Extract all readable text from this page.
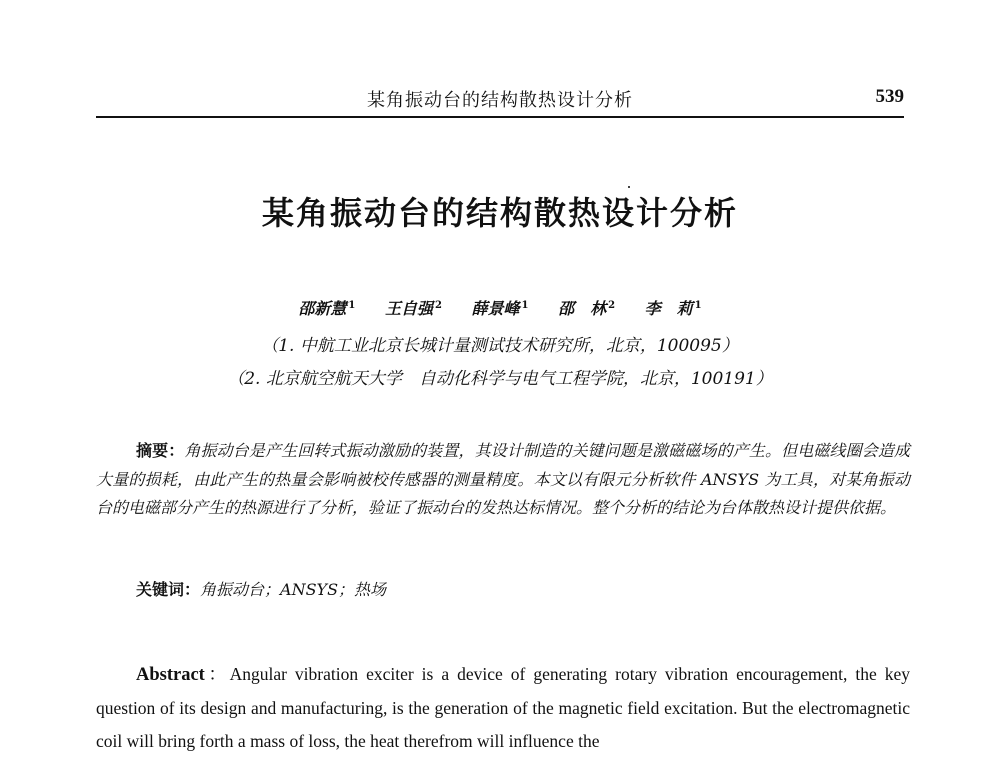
某角振动台的结构散热设计分析	539
某角振动台的结构散热设计分析
邵新慧 $^1$ 王自强 $^2$ 薛景峰 $^1$ 邵　林 $^2$ 李　莉 $^1$
（1. 中航工业北京长城计量测试技术研究所，北京，100095）
（2. 北京航空航天大学　自动化科学与电气工程学院，北京，100191）

摘要：角振动台是产生回转式振动激励的装置，其设计制造的关键问题是激磁磁场的产生。但电磁线圈会造成大量的损耗，由此产生的热量会影响被校传感器的测量精度。本文以有限元分析软件 ANSYS 为工具，对某角振动台的电磁部分产生的热源进行了分析，验证了振动台的发热达标情况。整个分析的结论为台体散热设计提供依据。

关键词：角振动台；ANSYS；热场

Abstract：Angular vibration exciter is a device of generating rotary vibration encouragement, the key question of its design and manufacturing, is the generation of the magnetic field excitation. But the electromagnetic coil will bring forth a mass of loss, the heat therefrom will influence the
